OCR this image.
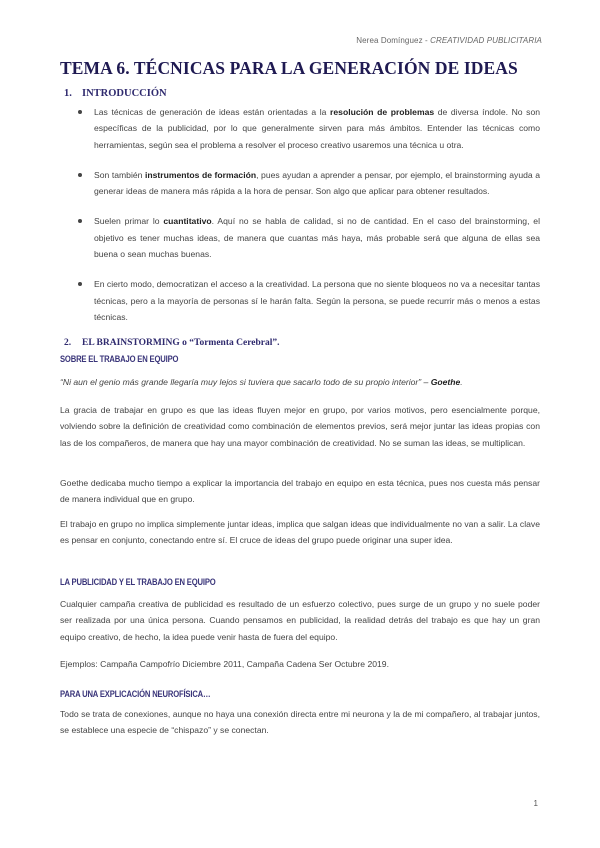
Nerea Domínguez - CREATIVIDAD PUBLICITARIA
TEMA 6. TÉCNICAS PARA LA GENERACIÓN DE IDEAS
1. INTRODUCCIÓN

Las técnicas de generación de ideas están orientadas a la resolución de problemas de diversa índole. No son específicas de la publicidad, por lo que generalmente sirven para más ámbitos. Entender las técnicas como herramientas, según sea el problema a resolver el proceso creativo usaremos una técnica u otra.

Son también instrumentos de formación, pues ayudan a aprender a pensar, por ejemplo, el brainstorming ayuda a generar ideas de manera más rápida a la hora de pensar. Son algo que aplicar para obtener resultados.

Suelen primar lo cuantitativo. Aquí no se habla de calidad, si no de cantidad. En el caso del brainstorming, el objetivo es tener muchas ideas, de manera que cuantas más haya, más probable será que alguna de ellas sea buena o sean muchas buenas.

En cierto modo, democratizan el acceso a la creatividad. La persona que no siente bloqueos no va a necesitar tantas técnicas, pero a la mayoría de personas sí le harán falta. Según la persona, se puede recurrir más o menos a estas técnicas.

2. EL BRAINSTORMING o “Tormenta Cerebral”.
SOBRE EL TRABAJO EN EQUIPO

“Ni aun el genio más grande llegaría muy lejos si tuviera que sacarlo todo de su propio interior” – Goethe.

La gracia de trabajar en grupo es que las ideas fluyen mejor en grupo, por varios motivos, pero esencialmente porque, volviendo sobre la definición de creatividad como combinación de elementos previos, será mejor juntar las ideas propias con las de los compañeros, de manera que hay una mayor combinación de creatividad. No se suman las ideas, se multiplican.

Goethe dedicaba mucho tiempo a explicar la importancia del trabajo en equipo en esta técnica, pues nos cuesta más pensar de manera individual que en grupo.

El trabajo en grupo no implica simplemente juntar ideas, implica que salgan ideas que individualmente no van a salir. La clave es pensar en conjunto, conectando entre sí. El cruce de ideas del grupo puede originar una super idea.

LA PUBLICIDAD Y EL TRABAJO EN EQUIPO

Cualquier campaña creativa de publicidad es resultado de un esfuerzo colectivo, pues surge de un grupo y no suele poder ser realizada por una única persona. Cuando pensamos en publicidad, la realidad detrás del trabajo es que hay un gran equipo creativo, de hecho, la idea puede venir hasta de fuera del equipo.

Ejemplos: Campaña Campofrío Diciembre 2011, Campaña Cadena Ser Octubre 2019.

PARA UNA EXPLICACIÓN NEUROFÍSICA…

Todo se trata de conexiones, aunque no haya una conexión directa entre mi neurona y la de mi compañero, al trabajar juntos, se establece una especie de “chispazo” y se conectan.

1
